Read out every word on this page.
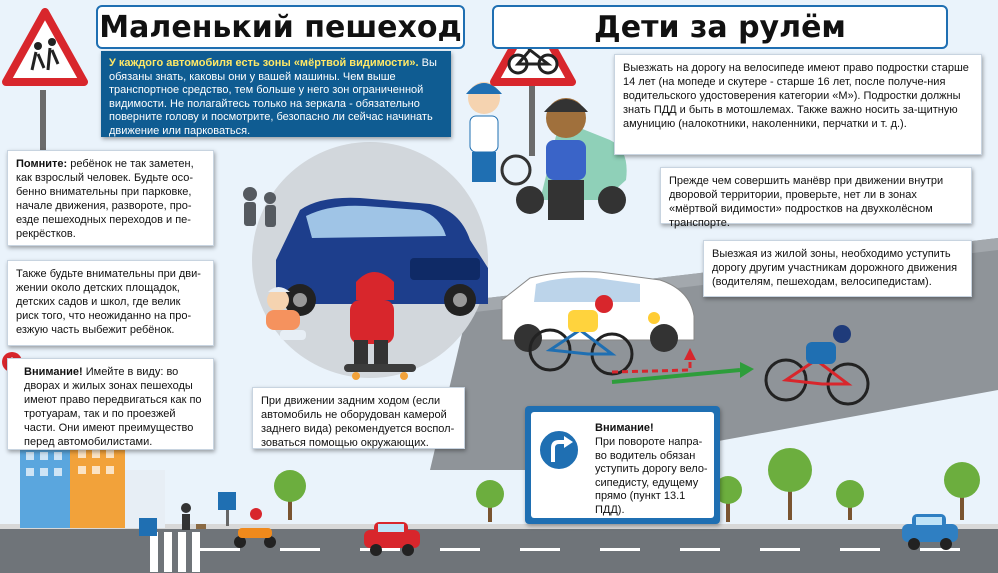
Маленький пешеход	Дети за рулём
У каждого автомобиля есть зоны «мёртвой видимости». Вы обязаны знать, каковы они у вашей машины. Чем выше транспортное средство, тем больше у него зон ограниченной видимости. Не полагайтесь только на зеркала - обязательно поверните голову и посмотрите, безопасно ли сейчас начинать движение или парковаться.
Помните: ребёнок не так заметен, как взрослый человек. Будьте осо-бенно внимательны при парковке, начале движения, развороте, про-езде пешеходных переходов и пе-рекрёстков.
Также будьте внимательны при дви-жении около детских площадок, детских садов и школ, где велик риск того, что неожиданно на про-езжую часть выбежит ребёнок.
Внимание! Имейте в виду: во дворах и жилых зонах пешеходы имеют право передвигаться как по тротуарам, так и по проезжей части. Они имеют преимущество перед автомобилистами.
При движении задним ходом (если автомобиль не оборудован камерой заднего вида) рекомендуется воспол-зоваться помощью окружающих.
Выезжать на дорогу на велосипеде имеют право подростки старше 14 лет (на мопеде и скутере - старше 16 лет, после получе-ния водительского удостоверения категории «М»). Подростки должны знать ПДД и быть в мотошлемах. Также важно носить за-щитную амуницию (налокотники, наколенники, перчатки и т. д.).
Прежде чем совершить манёвр при движении внутри дворовой территории, проверьте, нет ли в зонах «мёртвой видимости» подростков на двухколёсном транспорте.
Выезжая из жилой зоны, необходимо уступить дорогу другим участникам дорожного движения (водителям, пешеходам, велосипедистам).
Внимание!
При повороте напра-во водитель обязан уступить дорогу вело-сипедисту, едущему прямо (пункт 13.1 ПДД).
